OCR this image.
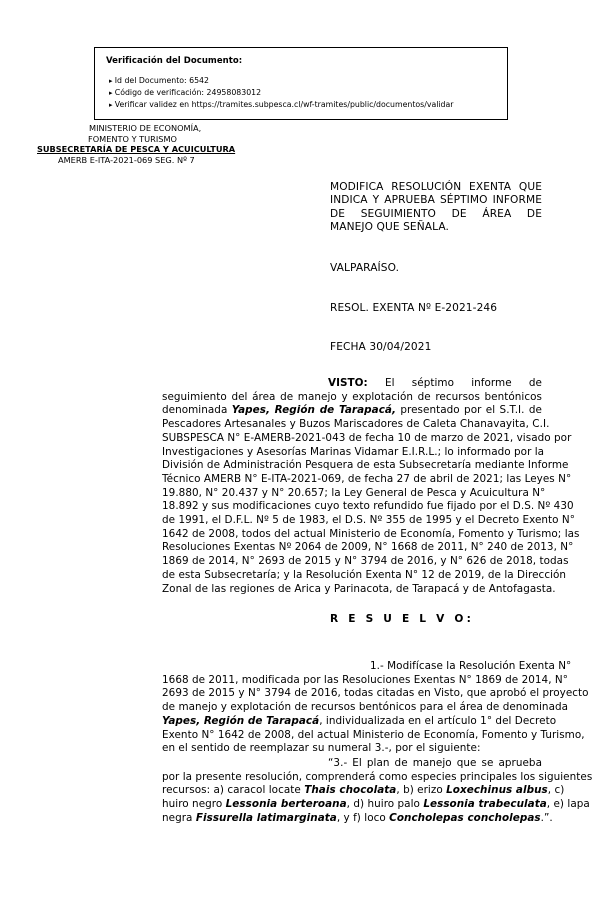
Verificación del Documento:
▸ Id del Documento: 6542
▸ Código de verificación: 24958083012
▸ Verificar validez en https://tramites.subpesca.cl/wf-tramites/public/documentos/validar
MINISTERIO DE ECONOMÍA,
FOMENTO Y TURISMO
SUBSECRETARÍA DE PESCA Y ACUICULTURA
AMERB E-ITA-2021-069 SEG. Nº 7
MODIFICA RESOLUCIÓN EXENTA QUE
INDICA Y APRUEBA SÉPTIMO INFORME
DE SEGUIMIENTO DE ÁREA DE
MANEJO QUE SEÑALA.
VALPARAÍSO.
RESOL. EXENTA Nº E-2021-246
FECHA 30/04/2021
VISTO: El séptimo informe de
seguimiento del área de manejo y explotación de recursos bentónicos
denominada Yapes, Región de Tarapacá, presentado por el S.T.I. de
Pescadores Artesanales y Buzos Mariscadores de Caleta Chanavayita, C.I.
SUBSPESCA N° E-AMERB-2021-043 de fecha 10 de marzo de 2021, visado por
Investigaciones y Asesorías Marinas Vidamar E.I.R.L.; lo informado por la
División de Administración Pesquera de esta Subsecretaría mediante Informe
Técnico AMERB N° E-ITA-2021-069, de fecha 27 de abril de 2021; las Leyes N°
19.880, N° 20.437 y N° 20.657; la Ley General de Pesca y Acuicultura N°
18.892 y sus modificaciones cuyo texto refundido fue fijado por el D.S. Nº 430
de 1991, el D.F.L. Nº 5 de 1983, el D.S. Nº 355 de 1995 y el Decreto Exento N°
1642 de 2008, todos del actual Ministerio de Economía, Fomento y Turismo; las
Resoluciones Exentas Nº 2064 de 2009, N° 1668 de 2011, N° 240 de 2013, N°
1869 de 2014, N° 2693 de 2015 y N° 3794 de 2016, y N° 626 de 2018, todas
de esta Subsecretaría; y la Resolución Exenta N° 12 de 2019, de la Dirección
Zonal de las regiones de Arica y Parinacota, de Tarapacá y de Antofagasta.
R E S U E L V O:
1.- Modifícase la Resolución Exenta N°
1668 de 2011, modificada por las Resoluciones Exentas N° 1869 de 2014, N°
2693 de 2015 y N° 3794 de 2016, todas citadas en Visto, que aprobó el proyecto
de manejo y explotación de recursos bentónicos para el área de denominada
Yapes, Región de Tarapacá, individualizada en el artículo 1° del Decreto
Exento N° 1642 de 2008, del actual Ministerio de Economía, Fomento y Turismo,
en el sentido de reemplazar su numeral 3.-, por el siguiente:
“3.- El plan de manejo que se aprueba
por la presente resolución, comprenderá como especies principales los siguientes
recursos: a) caracol locate Thais chocolata, b) erizo Loxechinus albus, c)
huiro negro Lessonia berteroana, d) huiro palo Lessonia trabeculata, e) lapa
negra Fissurella latimarginata, y f) loco Concholepas concholepas.”.
